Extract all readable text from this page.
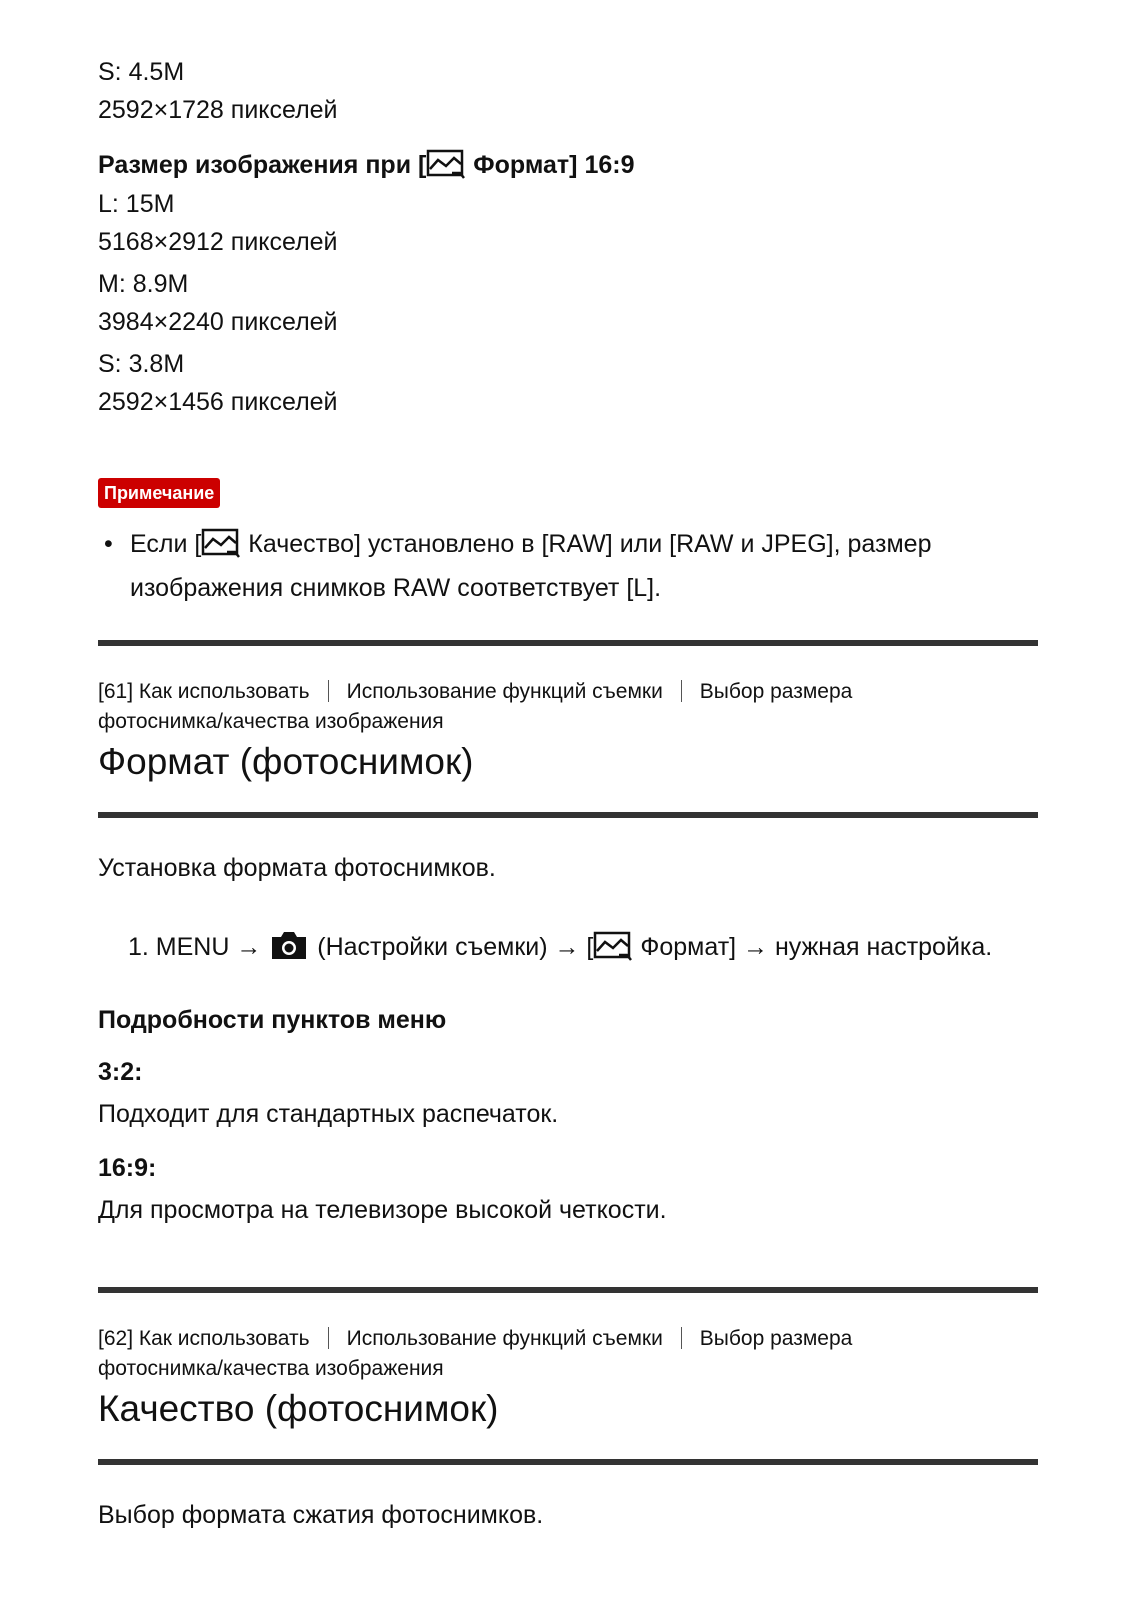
S: 4.5M
2592×1728 пикселей
Размер изображения при [ Формат] 16:9
L: 15M
5168×2912 пикселей
M: 8.9M
3984×2240 пикселей
S: 3.8M
2592×1456 пикселей
Примечание
• Если [ Качество] установлено в [RAW] или [RAW и JPEG], размер
изображения снимков RAW соответствует [L].
[61] Как использовать Использование функций съемки Выбор размера
фотоснимка/качества изображения
Формат (фотоснимок)
Установка формата фотоснимков.
1. MENU →  (Настройки съемки) → [ Формат] → нужная настройка.
Подробности пунктов меню
3:2:
Подходит для стандартных распечаток.
16:9:
Для просмотра на телевизоре высокой четкости.
[62] Как использовать Использование функций съемки Выбор размера
фотоснимка/качества изображения
Качество (фотоснимок)
Выбор формата сжатия фотоснимков.
